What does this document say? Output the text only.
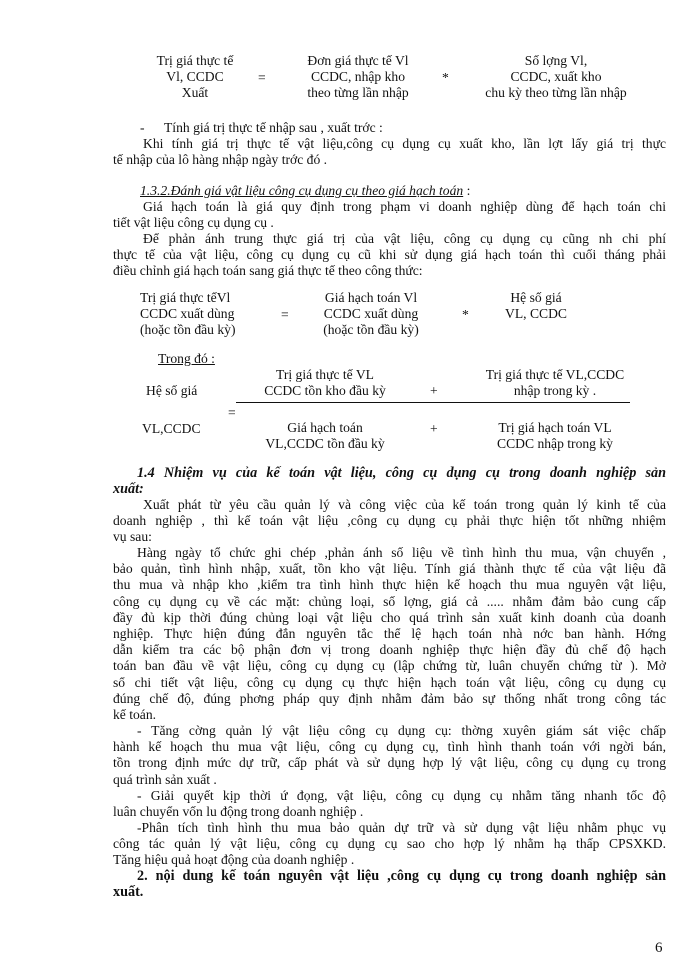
Trị giá thực tế
Vl, CCDC
Xuất
=
Đơn giá thực tế Vl
CCDC, nhập kho
theo từng lần nhập
*
Số lợng Vl,
CCDC, xuất kho
chu kỳ theo từng lần nhập
- Tính giá trị thực tế nhập sau , xuất trớc :
Khi tính giá trị thực tế vật liệu,công cụ dụng cụ xuất kho, lần lợt lấy giá trị thực
tế nhập của lô hàng nhập ngày trớc đó .
1.3.2.Đánh giá vật liệu công cụ dụng cụ theo giá hạch toán :
Giá hạch toán là giá quy định trong phạm vi doanh nghiệp dùng để hạch toán chi
tiết vật liệu công cụ dụng cụ .
Để phản ánh trung thực giá trị của vật liệu, công cụ dụng cụ cũng nh chi phí
thực tế của vật liệu, công cụ dụng cụ cũ khi sử dụng giá hạch toán thì cuối tháng phải
điều chỉnh giá hạch toán sang giá thực tế theo công thức:
Trị giá thực tếVl
CCDC xuất dùng
(hoặc tồn đầu kỳ)
=
Giá hạch toán Vl
CCDC xuất dùng
(hoặc tồn đầu kỳ)
*
Hệ số giá
VL, CCDC
Trong đó :
Hệ số giá
=
VL,CCDC
Trị giá thực tế VL
CCDC tồn kho đầu kỳ	+
Trị giá thực tế VL,CCDC
nhập trong kỳ .
Giá hạch toán
VL,CCDC tồn đầu kỳ
+	Trị giá hạch toán VL
CCDC nhập trong kỳ
1.4 Nhiệm vụ của kế toán vật liệu, công cụ dụng cụ trong doanh nghiệp sản
xuất:
Xuất phát từ yêu cầu quản lý và công việc của kế toán trong quản lý kinh tế của
doanh nghiệp , thì kế toán vật liệu ,công cụ dụng cụ phải thực hiện tốt những nhiệm
vụ sau:
Hàng ngày tổ chức ghi chép ,phản ánh số liệu về tình hình thu mua, vận chuyển ,
bảo quản, tình hình nhập, xuất, tồn kho vật liệu. Tính giá thành thực tế của vật liệu đã
thu mua và nhập kho ,kiểm tra tình hình thực hiện kế hoạch thu mua nguyên vật liệu,
công cụ dụng cụ về các mặt: chủng loại, số lợng, giá cả ..... nhằm đảm bảo cung cấp
đầy đủ kịp thời đúng chủng loại vật liệu cho quá trình sản xuất kinh doanh của doanh
nghiệp. Thực hiện đúng đắn nguyên tắc thể lệ hạch toán nhà nớc ban hành. Hớng
dẫn kiểm tra các bộ phận đơn vị trong doanh nghiệp thực hiện đầy đủ chế độ hạch
toán ban đầu về vật liệu, công cụ dụng cụ (lập chứng từ, luân chuyển chứng từ ). Mở
sổ chi tiết vật liệu, công cụ dụng cụ thực hiện hạch toán vật liệu, công cụ dụng cụ
đúng chế độ, đúng phơng pháp quy định nhằm đảm bảo sự thống nhất trong công tác
kế toán.
- Tăng cờng quản lý vật liệu công cụ dụng cụ: thờng xuyên giám sát việc chấp
hành kế hoạch thu mua vật liệu, công cụ dụng cụ, tình hình thanh toán với ngời bán,
tồn trong định mức dự trữ, cấp phát và sử dụng hợp lý vật liệu, công cụ dụng cụ trong
quá trình sản xuất .
- Giải quyết kịp thời ứ đọng, vật liệu, công cụ dụng cụ nhằm tăng nhanh tốc độ
luân chuyển vốn lu động trong doanh nghiệp .
-Phân tích tình hình thu mua bảo quản dự trữ và sử dụng vật liệu nhằm phục vụ
công tác quản lý vật liệu, công cụ dụng cụ sao cho hợp lý nhằm hạ thấp CPSXKD.
Tăng hiệu quả hoạt động của doanh nghiệp .
2. nội dung kế toán nguyên vật liệu ,công cụ dụng cụ trong doanh nghiệp sản
xuất.
6
